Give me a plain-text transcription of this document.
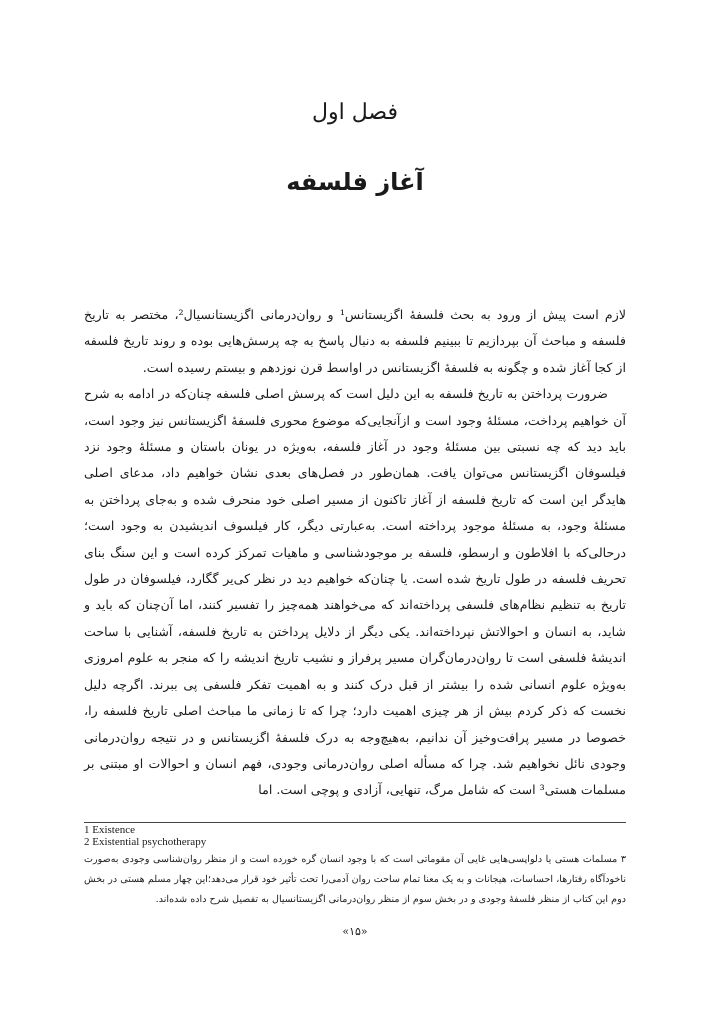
فصل اول
آغاز فلسفه

لازم است پیش از ورود به بحث فلسفهٔ اگزیستانس¹ و روان‌درمانی اگزیستانسیال²، مختصر به تاریخ فلسفه و مباحث آن بپردازیم تا ببینیم فلسفه به دنبال پاسخ به چه پرسش‌هایی بوده و روند تاریخ فلسفه از کجا آغاز شده و چگونه به فلسفهٔ اگزیستانس در اواسط قرن نوزدهم و بیستم رسیده است.

ضرورت پرداختن به تاریخ فلسفه به این دلیل است که پرسش اصلی فلسفه چنان‌که در ادامه به شرح آن خواهیم پرداخت، مسئلهٔ وجود است و ازآنجایی‌که موضوع محوری فلسفهٔ اگزیستانس نیز وجود است، باید دید که چه نسبتی بین مسئلهٔ وجود در آغاز فلسفه، به‌ویژه در یونان باستان و مسئلهٔ وجود نزد فیلسوفان اگزیستانس می‌توان یافت. همان‌طور در فصل‌های بعدی نشان خواهیم داد، مدعای اصلی هایدگر این است که تاریخ فلسفه از آغاز تاکنون از مسیر اصلی خود منحرف شده و به‌جای پرداختن به مسئلهٔ وجود، به مسئلهٔ موجود پرداخته است. به‌عبارتی دیگر، کار فیلسوف اندیشیدن به وجود است؛ درحالی‌که با افلاطون و ارسطو، فلسفه بر موجودشناسی و ماهیات تمرکز کرده است و این سنگ بنای تحریف فلسفه در طول تاریخ شده است. یا چنان‌که خواهیم دید در نظر کی‌یر گگارد، فیلسوفان در طول تاریخ به تنظیم نظام‌های فلسفی پرداخته‌اند که می‌خواهند همه‌چیز را تفسیر کنند، اما آن‌چنان که باید و شاید، به انسان و احوالاتش نپرداخته‌اند. یکی دیگر از دلایل پرداختن به تاریخ فلسفه، آشنایی با ساحت اندیشهٔ فلسفی است تا روان‌درمان‌گران مسیر پرفراز و نشیب تاریخ اندیشه را که منجر به علوم امروزی به‌ویژه علوم انسانی شده را بیشتر از قبل درک کنند و به اهمیت تفکر فلسفی پی ببرند. اگرچه دلیل نخست که ذکر کردم بیش از هر چیزی اهمیت دارد؛ چرا که تا زمانی ما مباحث اصلی تاریخ فلسفه را، خصوصا در مسیر پرافت‌وخیز آن ندانیم، به‌هیچ‌وجه به درک فلسفهٔ اگزیستانس و در نتیجه روان‌درمانی وجودی نائل نخواهیم شد. چرا که مسأله اصلی روان‌درمانی وجودی، فهم انسان و احوالات او مبتنی بر مسلمات هستی³ است که شامل مرگ، تنهایی، آزادی و پوچی است. اما

1 Existence
2 Existential psychotherapy
۳ مسلمات هستی یا دلواپسی‌هایی غایی آن مقوماتی است که با وجود انسان گره خورده است و از منظر روان‌شناسی وجودی به‌صورت ناخودآگاه رفتارها، احساسات، هیجانات و به یک معنا تمام ساحت روان آدمی‌را تحت تأثیر خود قرار می‌دهد؛این چهار مسلم هستی در بخش دوم این کتاب از منظر فلسفهٔ وجودی و در بخش سوم از منظر روان‌درمانی اگزیستانسیال به تفصیل شرح داده شده‌اند.
«۱۵»
